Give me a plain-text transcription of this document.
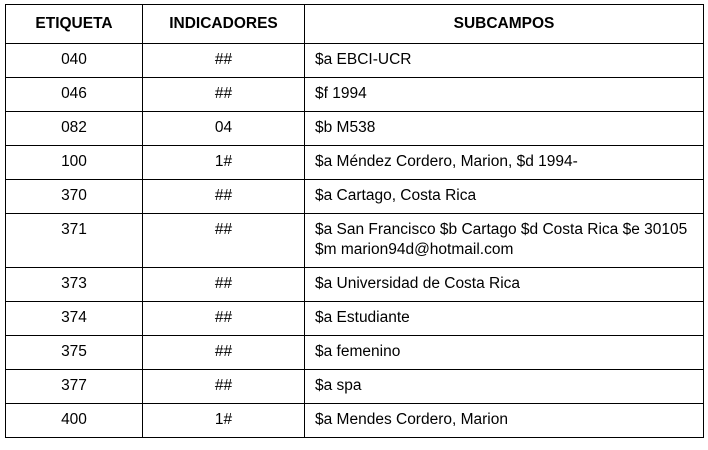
ETIQUETA	INDICADORES	SUBCAMPOS
040	##	$a EBCI-UCR
046	##	$f 1994
082	04	$b M538
100	1#	$a Méndez Cordero, Marion, $d 1994-
370	##	$a Cartago, Costa Rica
371	##	$a San Francisco $b Cartago $d Costa Rica $e 30105 $m marion94d@hotmail.com
373	##	$a Universidad de Costa Rica
374	##	$a Estudiante
375	##	$a femenino
377	##	$a spa
400	1#	$a Mendes Cordero, Marion
